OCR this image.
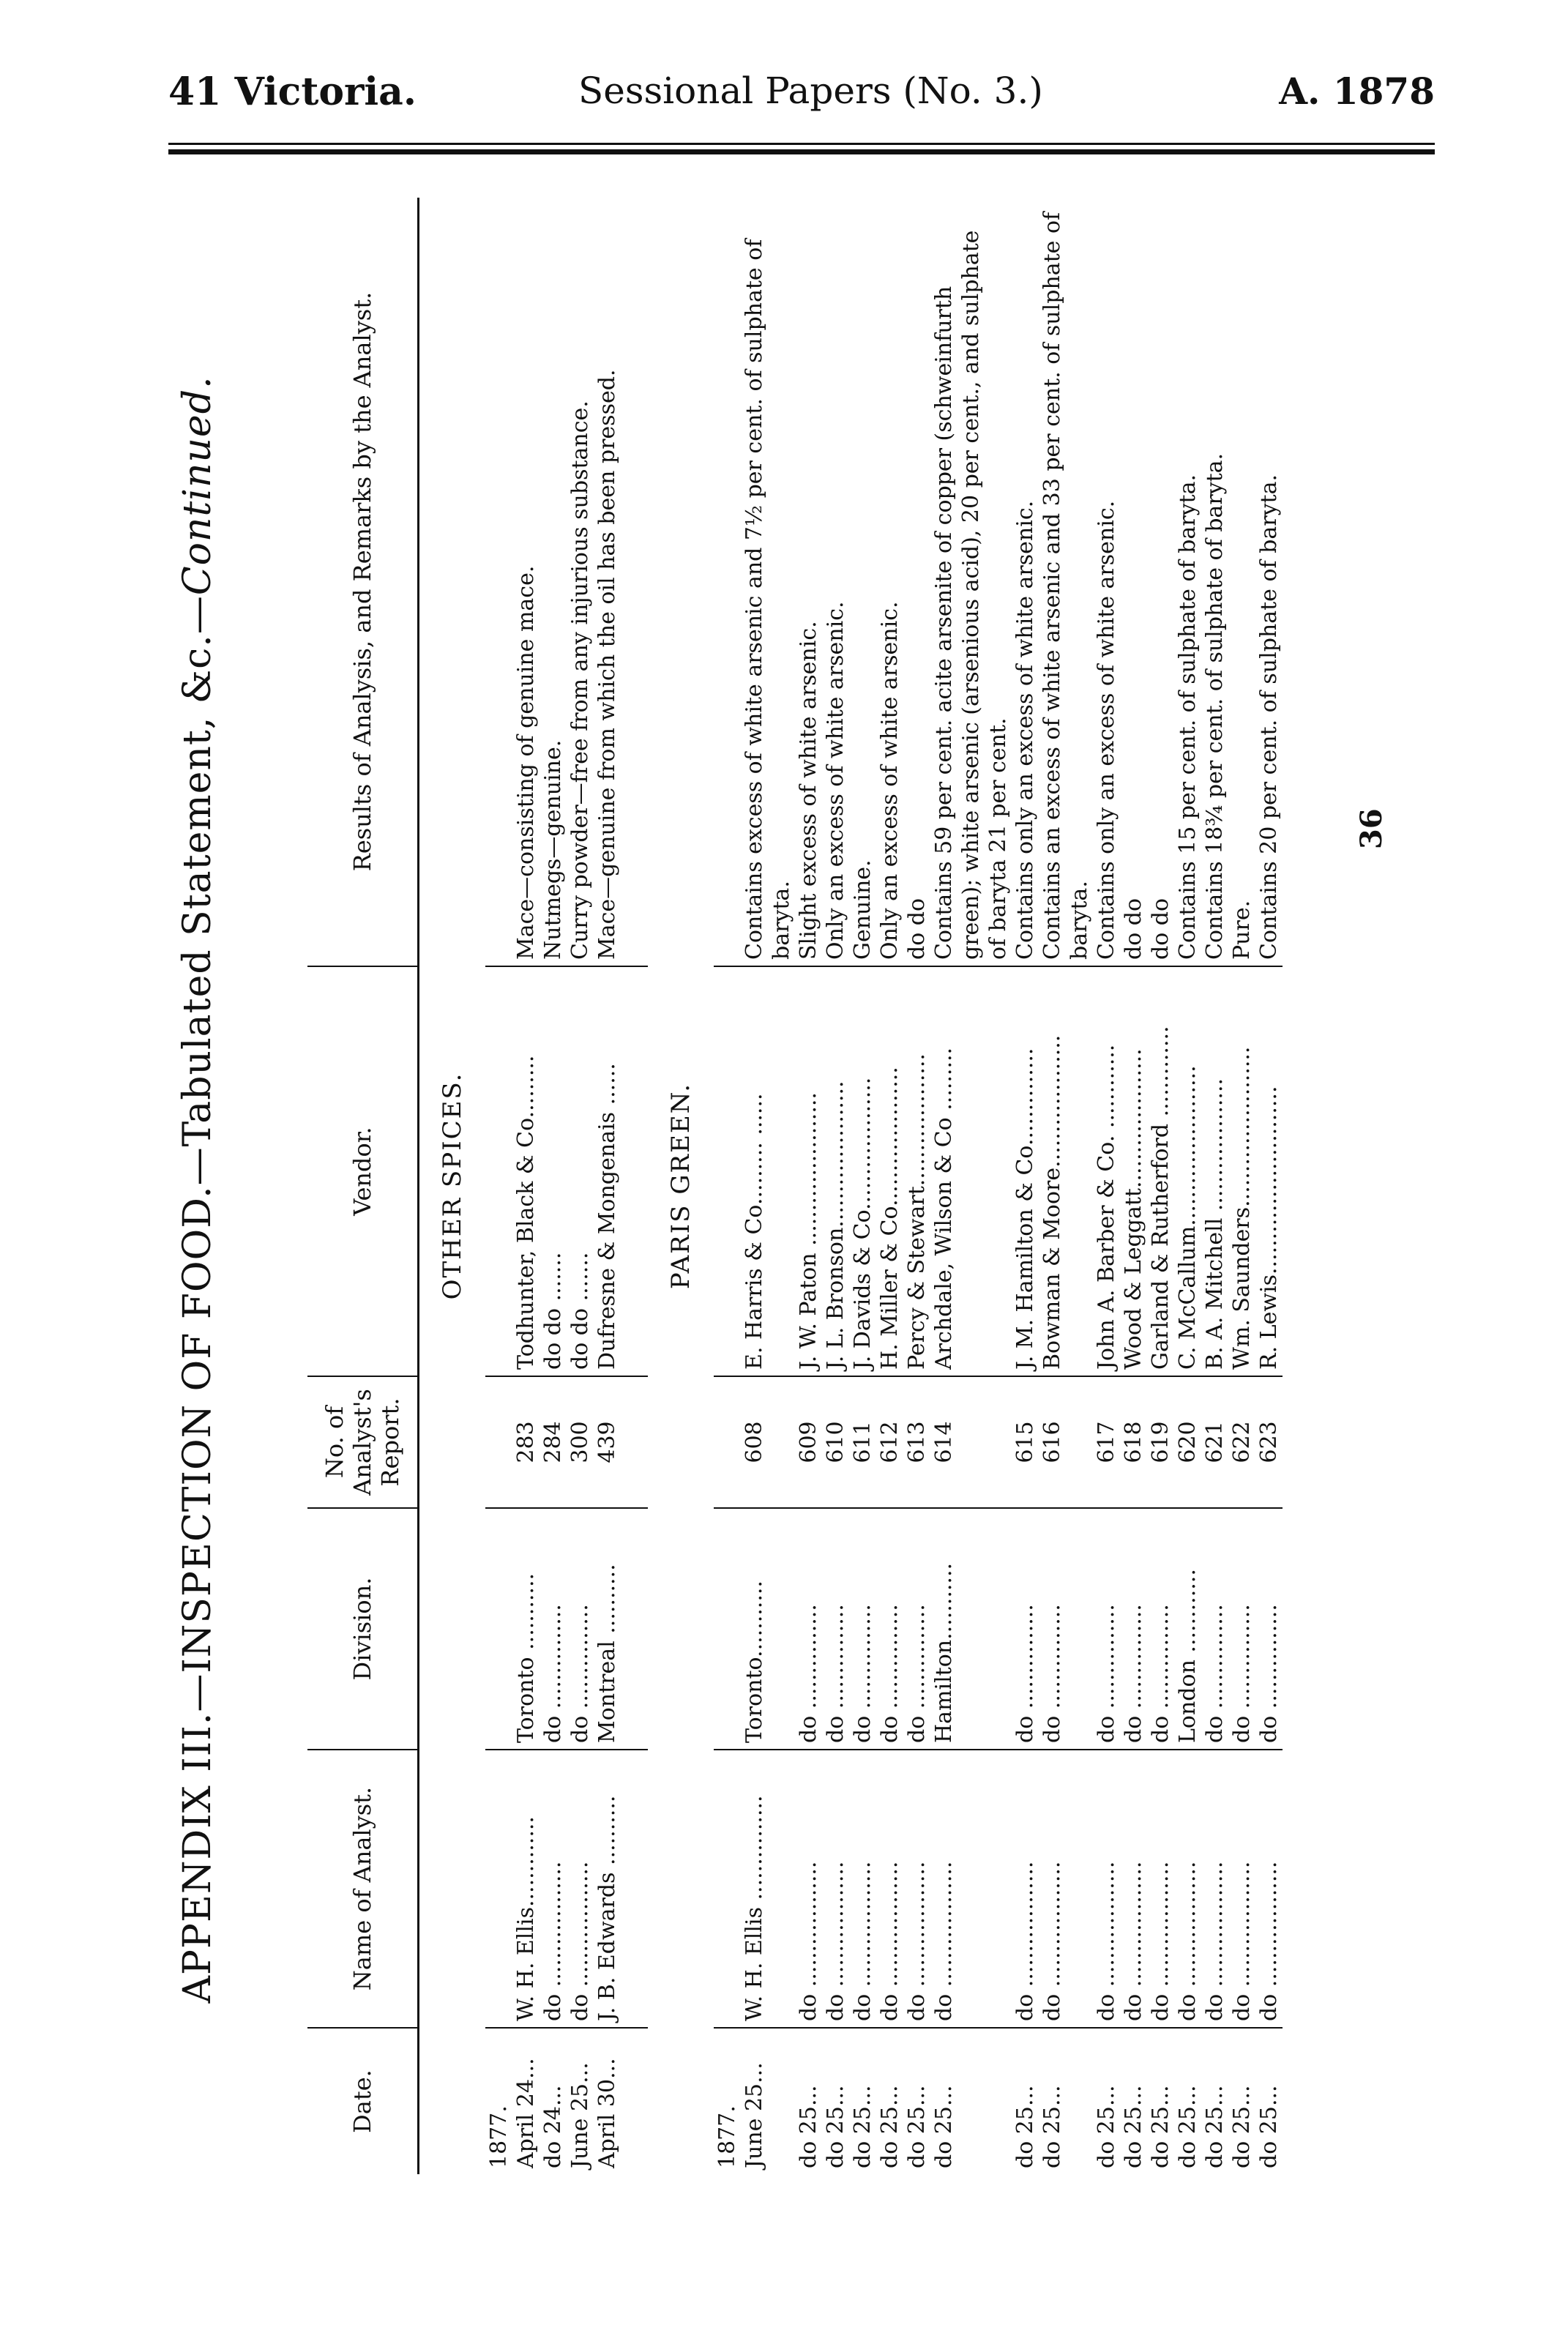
41 Victoria.	Sessional Papers (No. 3.)	A. 1878
APPENDIX III.—INSPECTION OF FOOD.—Tabulated Statement, &c.—Continued.
Date.	Name of Analyst.	Division.	No. of Analyst's Report.	Vendor.	Results of Analysis, and Remarks by the Analyst.
OTHER SPICES.					
1877.					
April 24...	W. H. Ellis.............	Toronto ...........	283	Todhunter, Black & Co.........	Mace—consisting of genuine mace.
do 24...	do ..................	do ...............	284	do do .......	Nutmegs—genuine.
June 25...	do ..................	do ...............	300	do do .......	Curry powder—free from any injurious substance.
April 30...	J. B. Edwards ..........	Montreal ..........	439	Dufresne & Mongenais ......	Mace—genuine from which the oil has been pressed.

PARIS GREEN.					
1877.					
June 25...	W. H. Ellis ...............	Toronto...........	608	E. Harris & Co......... ......	Contains excess of white arsenic and 7½ per cent. of sulphate of baryta.
do 25...	do ..................	do ...............	609	J. W. Paton ......................	Slight excess of white arsenic.
do 25...	do ..................	do ...............	610	J. L. Bronson.....................	Only an excess of white arsenic.
do 25...	do ..................	do ...............	611	J. Davids & Co...................	Genuine.
do 25...	do ..................	do ...............	612	H. Miller & Co....................	Only an excess of white arsenic.
do 25...	do ..................	do ...............	613	Percy & Stewart...................	do do
do 25...	do ..................	Hamilton...........	614	Archdale, Wilson & Co .........	Contains 59 per cent. acite arsenite of copper (schweinfurth green); white arsenic (arsenious acid), 20 per cent., and sulphate of baryta 21 per cent.
do 25...	do ..................	do ...............	615	J. M. Hamilton & Co..............	Contains only an excess of white arsenic.
do 25...	do ..................	do ...............	616	Bowman & Moore...................	Contains an excess of white arsenic and 33 per cent. of sulphate of baryta.
do 25...	do ..................	do ...............	617	John A. Barber & Co. ............	Contains only an excess of white arsenic.
do 25...	do ..................	do ...............	618	Wood & Leggatt....................	do do
do 25...	do ..................	do ...............	619	Garland & Rutherford .............	do do
do 25...	do ..................	London ............	620	C. McCallum.......................	Contains 15 per cent. of sulphate of baryta.
do 25...	do ..................	do ...............	621	B. A. Mitchell ...................	Contains 18¾ per cent. of sulphate of baryta.
do 25...	do ..................	do ...............	622	Wm. Saunders.......................	Pure.
do 25...	do ..................	do ...............	623	R. Lewis...........................	Contains 20 per cent. of sulphate of baryta. 36
